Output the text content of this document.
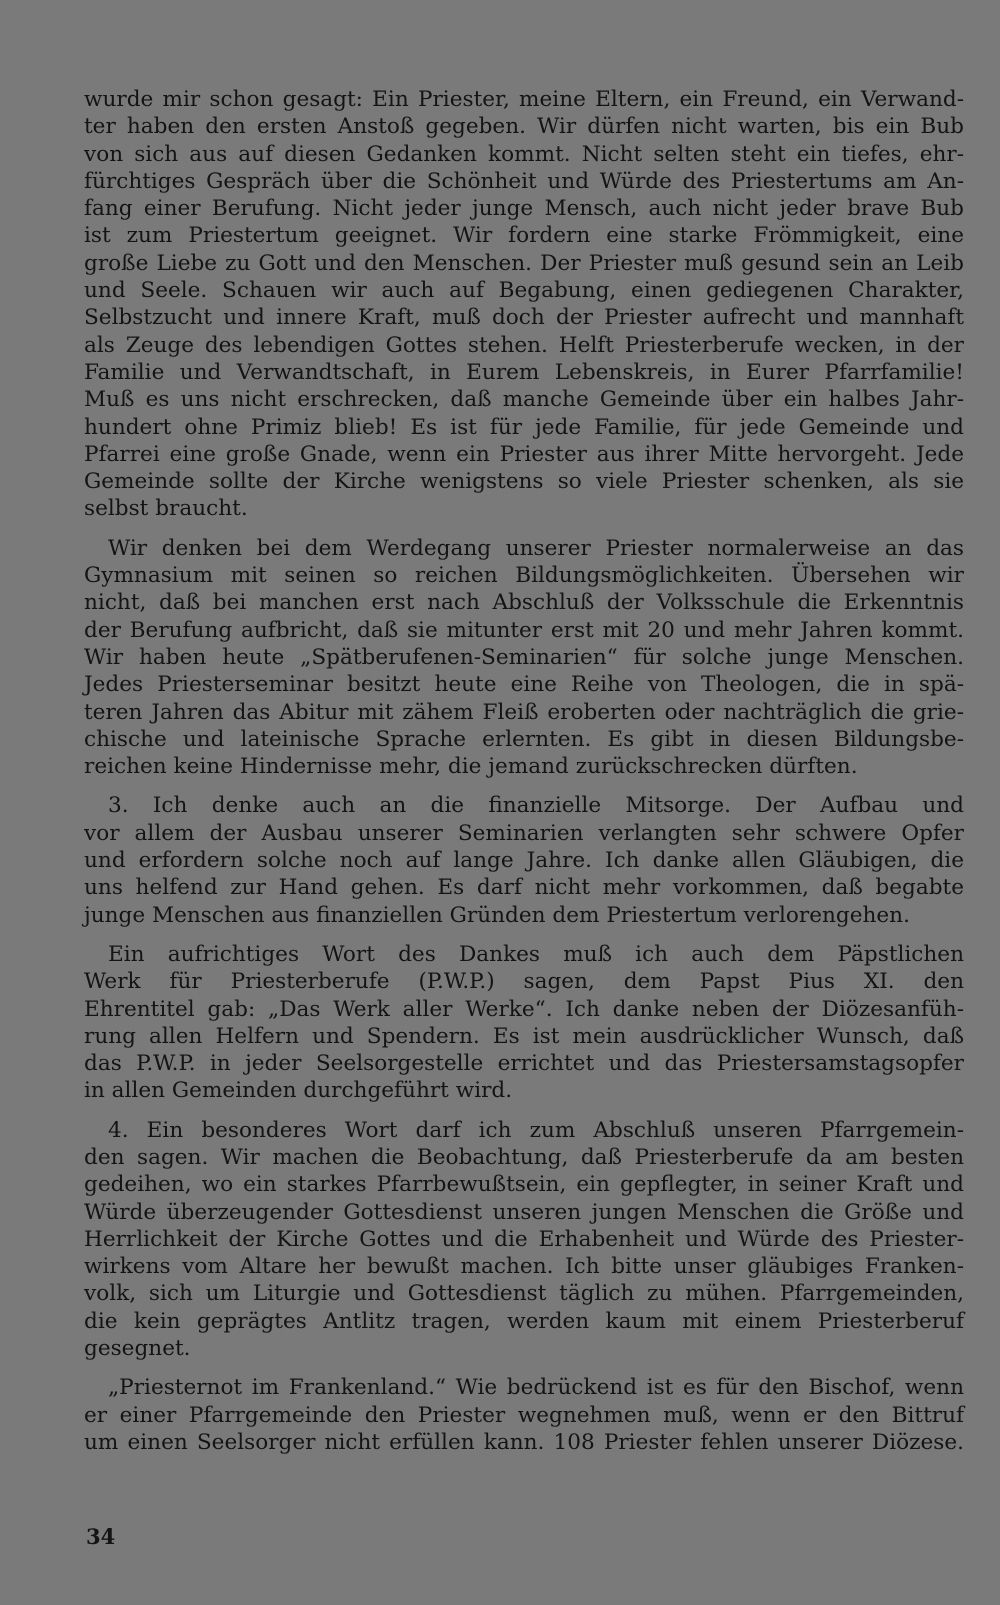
wurde mir schon gesagt: Ein Priester, meine Eltern, ein Freund, ein Verwand-
ter haben den ersten Anstoß gegeben. Wir dürfen nicht warten, bis ein Bub
von sich aus auf diesen Gedanken kommt. Nicht selten steht ein tiefes, ehr-
fürchtiges Gespräch über die Schönheit und Würde des Priestertums am An-
fang einer Berufung. Nicht jeder junge Mensch, auch nicht jeder brave Bub
ist zum Priestertum geeignet. Wir fordern eine starke Frömmigkeit, eine
große Liebe zu Gott und den Menschen. Der Priester muß gesund sein an Leib
und Seele. Schauen wir auch auf Begabung, einen gediegenen Charakter,
Selbstzucht und innere Kraft, muß doch der Priester aufrecht und mannhaft
als Zeuge des lebendigen Gottes stehen. Helft Priesterberufe wecken, in der
Familie und Verwandtschaft, in Eurem Lebenskreis, in Eurer Pfarrfamilie!
Muß es uns nicht erschrecken, daß manche Gemeinde über ein halbes Jahr-
hundert ohne Primiz blieb! Es ist für jede Familie, für jede Gemeinde und
Pfarrei eine große Gnade, wenn ein Priester aus ihrer Mitte hervorgeht. Jede
Gemeinde sollte der Kirche wenigstens so viele Priester schenken, als sie
selbst braucht.
Wir denken bei dem Werdegang unserer Priester normalerweise an das
Gymnasium mit seinen so reichen Bildungsmöglichkeiten. Übersehen wir
nicht, daß bei manchen erst nach Abschluß der Volksschule die Erkenntnis
der Berufung aufbricht, daß sie mitunter erst mit 20 und mehr Jahren kommt.
Wir haben heute „Spätberufenen-Seminarien“ für solche junge Menschen.
Jedes Priesterseminar besitzt heute eine Reihe von Theologen, die in spä-
teren Jahren das Abitur mit zähem Fleiß eroberten oder nachträglich die grie-
chische und lateinische Sprache erlernten. Es gibt in diesen Bildungsbe-
reichen keine Hindernisse mehr, die jemand zurückschrecken dürften.
3. Ich denke auch an die finanzielle Mitsorge. Der Aufbau und
vor allem der Ausbau unserer Seminarien verlangten sehr schwere Opfer
und erfordern solche noch auf lange Jahre. Ich danke allen Gläubigen, die
uns helfend zur Hand gehen. Es darf nicht mehr vorkommen, daß begabte
junge Menschen aus finanziellen Gründen dem Priestertum verlorengehen.
Ein aufrichtiges Wort des Dankes muß ich auch dem Päpstlichen
Werk für Priesterberufe (P.W.P.) sagen, dem Papst Pius XI. den
Ehrentitel gab: „Das Werk aller Werke“. Ich danke neben der Diözesanfüh-
rung allen Helfern und Spendern. Es ist mein ausdrücklicher Wunsch, daß
das P.W.P. in jeder Seelsorgestelle errichtet und das Priestersamstagsopfer
in allen Gemeinden durchgeführt wird.
4. Ein besonderes Wort darf ich zum Abschluß unseren Pfarrgemein-
den sagen. Wir machen die Beobachtung, daß Priesterberufe da am besten
gedeihen, wo ein starkes Pfarrbewußtsein, ein gepflegter, in seiner Kraft und
Würde überzeugender Gottesdienst unseren jungen Menschen die Größe und
Herrlichkeit der Kirche Gottes und die Erhabenheit und Würde des Priester-
wirkens vom Altare her bewußt machen. Ich bitte unser gläubiges Franken-
volk, sich um Liturgie und Gottesdienst täglich zu mühen. Pfarrgemeinden,
die kein geprägtes Antlitz tragen, werden kaum mit einem Priesterberuf
gesegnet.
„Priesternot im Frankenland.“ Wie bedrückend ist es für den Bischof, wenn
er einer Pfarrgemeinde den Priester wegnehmen muß, wenn er den Bittruf
um einen Seelsorger nicht erfüllen kann. 108 Priester fehlen unserer Diözese.
34
